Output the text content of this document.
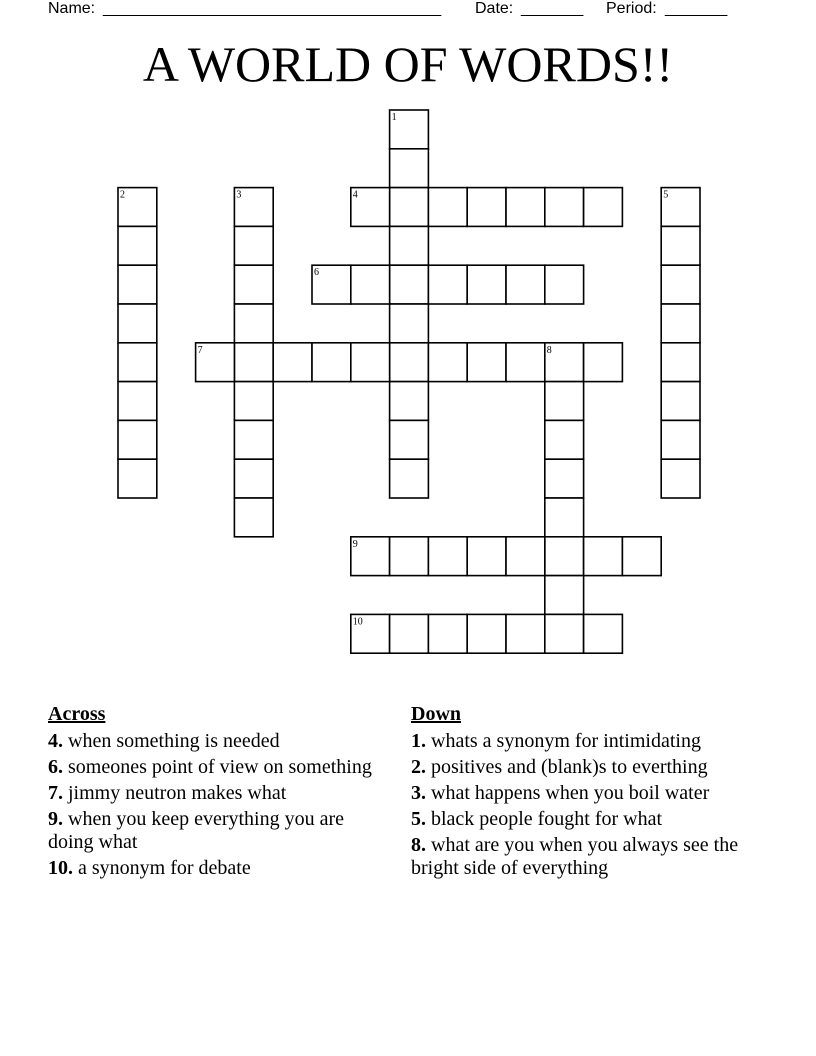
Name: ______________________________________ Date: _______ Period: _______
A WORLD OF WORDS!!
1
2	3	4	5
6
7	8
9
10
Across
4. when something is needed
6. someones point of view on something
7. jimmy neutron makes what
9. when you keep everything you are doing what
10. a synonym for debate
Down
1. whats a synonym for intimidating
2. positives and (blank)s to everthing
3. what happens when you boil water
5. black people fought for what
8. what are you when you always see the bright side of everything
